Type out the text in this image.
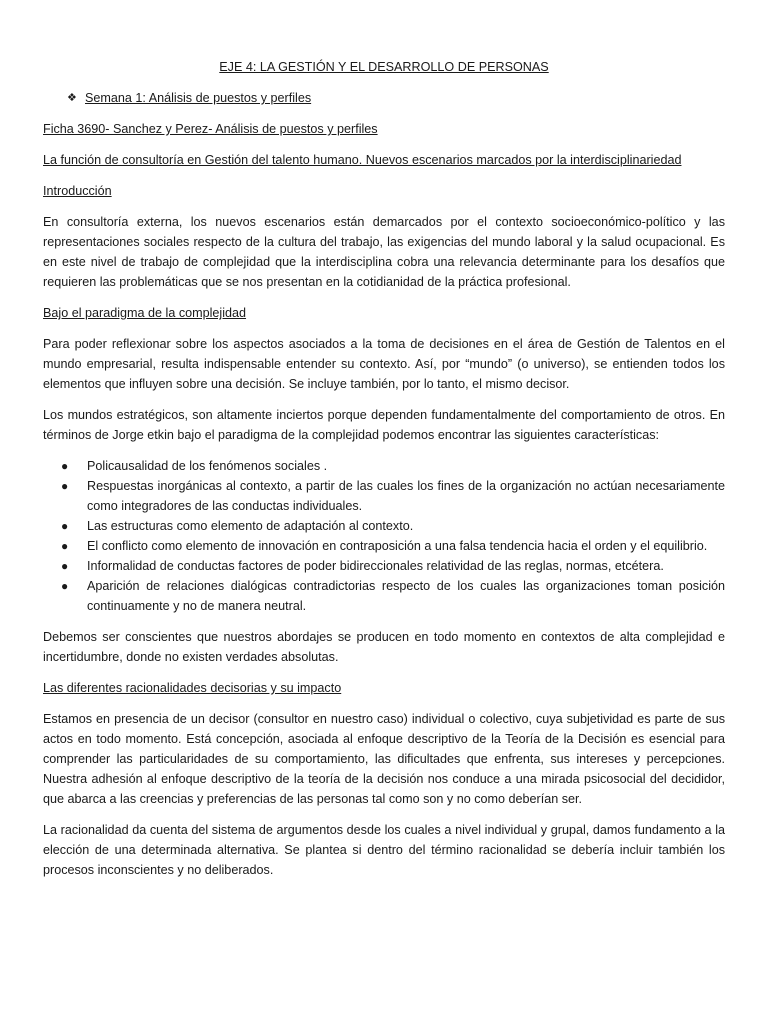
EJE 4: LA GESTIÓN Y EL DESARROLLO DE PERSONAS
❖ Semana 1: Análisis de puestos y perfiles
Ficha 3690- Sanchez y Perez- Análisis de puestos y perfiles
La función de consultoría en Gestión del talento humano. Nuevos escenarios marcados por la interdisciplinariedad
Introducción
En consultoría externa, los nuevos escenarios están demarcados por el contexto socioeconómico-político y las representaciones sociales respecto de la cultura del trabajo, las exigencias del mundo laboral y la salud ocupacional. Es en este nivel de trabajo de complejidad que la interdisciplina cobra una relevancia determinante para los desafíos que requieren las problemáticas que se nos presentan en la cotidianidad de la práctica profesional.
Bajo el paradigma de la complejidad
Para poder reflexionar sobre los aspectos asociados a la toma de decisiones en el área de Gestión de Talentos en el mundo empresarial, resulta indispensable entender su contexto. Así, por “mundo” (o universo), se entienden todos los elementos que influyen sobre una decisión. Se incluye también, por lo tanto, el mismo decisor.
Los mundos estratégicos, son altamente inciertos porque dependen fundamentalmente del comportamiento de otros. En términos de Jorge etkin bajo el paradigma de la complejidad podemos encontrar las siguientes características:
● Policausalidad de los fenómenos sociales .
● Respuestas inorgánicas al contexto, a partir de las cuales los fines de la organización no actúan necesariamente como integradores de las conductas individuales.
● Las estructuras como elemento de adaptación al contexto.
● El conflicto como elemento de innovación en contraposición a una falsa tendencia hacia el orden y el equilibrio.
● Informalidad de conductas factores de poder bidireccionales relatividad de las reglas, normas, etcétera.
● Aparición de relaciones dialógicas contradictorias respecto de los cuales las organizaciones toman posición continuamente y no de manera neutral.
Debemos ser conscientes que nuestros abordajes se producen en todo momento en contextos de alta complejidad e incertidumbre, donde no existen verdades absolutas.
Las diferentes racionalidades decisorias y su impacto
Estamos en presencia de un decisor (consultor en nuestro caso) individual o colectivo, cuya subjetividad es parte de sus actos en todo momento. Está concepción, asociada al enfoque descriptivo de la Teoría de la Decisión es esencial para comprender las particularidades de su comportamiento, las dificultades que enfrenta, sus intereses y percepciones. Nuestra adhesión al enfoque descriptivo de la teoría de la decisión nos conduce a una mirada psicosocial del decididor, que abarca a las creencias y preferencias de las personas tal como son y no como deberían ser.
La racionalidad da cuenta del sistema de argumentos desde los cuales a nivel individual y grupal, damos fundamento a la elección de una determinada alternativa. Se plantea si dentro del término racionalidad se debería incluir también los procesos inconscientes y no deliberados.
